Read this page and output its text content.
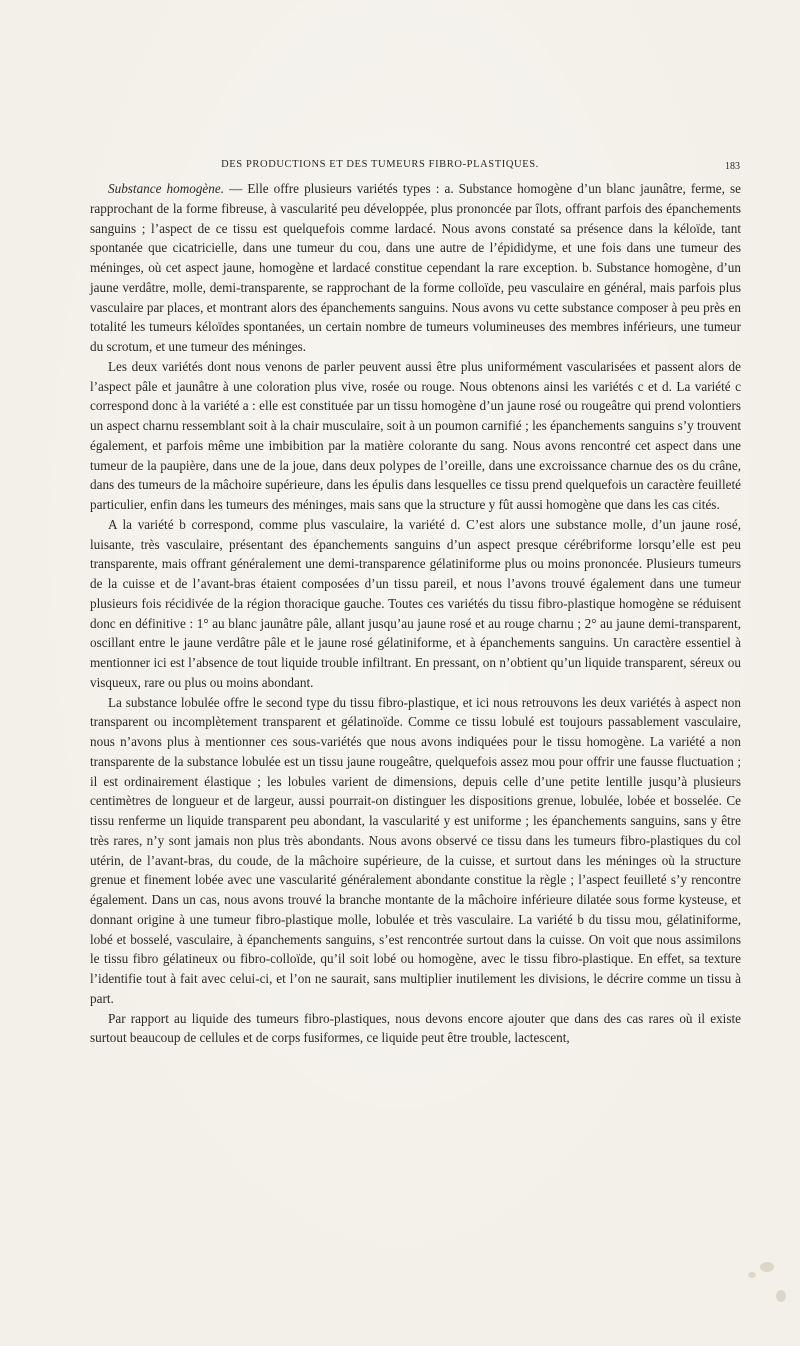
DES PRODUCTIONS ET DES TUMEURS FIBRO-PLASTIQUES.	183

Substance homogène. — Elle offre plusieurs variétés types : a. Substance homogène d’un blanc jaunâtre, ferme, se rapprochant de la forme fibreuse, à vascularité peu développée, plus prononcée par îlots, offrant parfois des épanchements sanguins ; l’aspect de ce tissu est quelquefois comme lardacé. Nous avons constaté sa présence dans la kéloïde, tant spontanée que cicatricielle, dans une tumeur du cou, dans une autre de l’épididyme, et une fois dans une tumeur des méninges, où cet aspect jaune, homogène et lardacé constitue cependant la rare exception. b. Substance homogène, d’un jaune verdâtre, molle, demi-transparente, se rapprochant de la forme colloïde, peu vasculaire en général, mais parfois plus vasculaire par places, et montrant alors des épanchements sanguins. Nous avons vu cette substance composer à peu près en totalité les tumeurs kéloïdes spontanées, un certain nombre de tumeurs volumineuses des membres inférieurs, une tumeur du scrotum, et une tumeur des méninges.

Les deux variétés dont nous venons de parler peuvent aussi être plus uniformément vascularisées et passent alors de l’aspect pâle et jaunâtre à une coloration plus vive, rosée ou rouge. Nous obtenons ainsi les variétés c et d. La variété c correspond donc à la variété a : elle est constituée par un tissu homogène d’un jaune rosé ou rougeâtre qui prend volontiers un aspect charnu ressemblant soit à la chair musculaire, soit à un poumon carnifié ; les épanchements sanguins s’y trouvent également, et parfois même une imbibition par la matière colorante du sang. Nous avons rencontré cet aspect dans une tumeur de la paupière, dans une de la joue, dans deux polypes de l’oreille, dans une excroissance charnue des os du crâne, dans des tumeurs de la mâchoire supérieure, dans les épulis dans lesquelles ce tissu prend quelquefois un caractère feuilleté particulier, enfin dans les tumeurs des méninges, mais sans que la structure y fût aussi homogène que dans les cas cités.

A la variété b correspond, comme plus vasculaire, la variété d. C’est alors une substance molle, d’un jaune rosé, luisante, très vasculaire, présentant des épanchements sanguins d’un aspect presque cérébriforme lorsqu’elle est peu transparente, mais offrant généralement une demi-transparence gélatiniforme plus ou moins prononcée. Plusieurs tumeurs de la cuisse et de l’avant-bras étaient composées d’un tissu pareil, et nous l’avons trouvé également dans une tumeur plusieurs fois récidivée de la région thoracique gauche. Toutes ces variétés du tissu fibro-plastique homogène se réduisent donc en définitive : 1° au blanc jaunâtre pâle, allant jusqu’au jaune rosé et au rouge charnu ; 2° au jaune demi-transparent, oscillant entre le jaune verdâtre pâle et le jaune rosé gélatiniforme, et à épanchements sanguins. Un caractère essentiel à mentionner ici est l’absence de tout liquide trouble infiltrant. En pressant, on n’obtient qu’un liquide transparent, séreux ou visqueux, rare ou plus ou moins abondant.

La substance lobulée offre le second type du tissu fibro-plastique, et ici nous retrouvons les deux variétés à aspect non transparent ou incomplètement transparent et gélatinoïde. Comme ce tissu lobulé est toujours passablement vasculaire, nous n’avons plus à mentionner ces sous-variétés que nous avons indiquées pour le tissu homogène. La variété a non transparente de la substance lobulée est un tissu jaune rougeâtre, quelquefois assez mou pour offrir une fausse fluctuation ; il est ordinairement élastique ; les lobules varient de dimensions, depuis celle d’une petite lentille jusqu’à plusieurs centimètres de longueur et de largeur, aussi pourrait-on distinguer les dispositions grenue, lobulée, lobée et bosselée. Ce tissu renferme un liquide transparent peu abondant, la vascularité y est uniforme ; les épanchements sanguins, sans y être très rares, n’y sont jamais non plus très abondants. Nous avons observé ce tissu dans les tumeurs fibro-plastiques du col utérin, de l’avant-bras, du coude, de la mâchoire supérieure, de la cuisse, et surtout dans les méninges où la structure grenue et finement lobée avec une vascularité généralement abondante constitue la règle ; l’aspect feuilleté s’y rencontre également. Dans un cas, nous avons trouvé la branche montante de la mâchoire inférieure dilatée sous forme kysteuse, et donnant origine à une tumeur fibro-plastique molle, lobulée et très vasculaire. La variété b du tissu mou, gélatiniforme, lobé et bosselé, vasculaire, à épanchements sanguins, s’est rencontrée surtout dans la cuisse. On voit que nous assimilons le tissu fibro gélatineux ou fibro-colloïde, qu’il soit lobé ou homogène, avec le tissu fibro-plastique. En effet, sa texture l’identifie tout à fait avec celui-ci, et l’on ne saurait, sans multiplier inutilement les divisions, le décrire comme un tissu à part.

Par rapport au liquide des tumeurs fibro-plastiques, nous devons encore ajouter que dans des cas rares où il existe surtout beaucoup de cellules et de corps fusiformes, ce liquide peut être trouble, lactescent,
